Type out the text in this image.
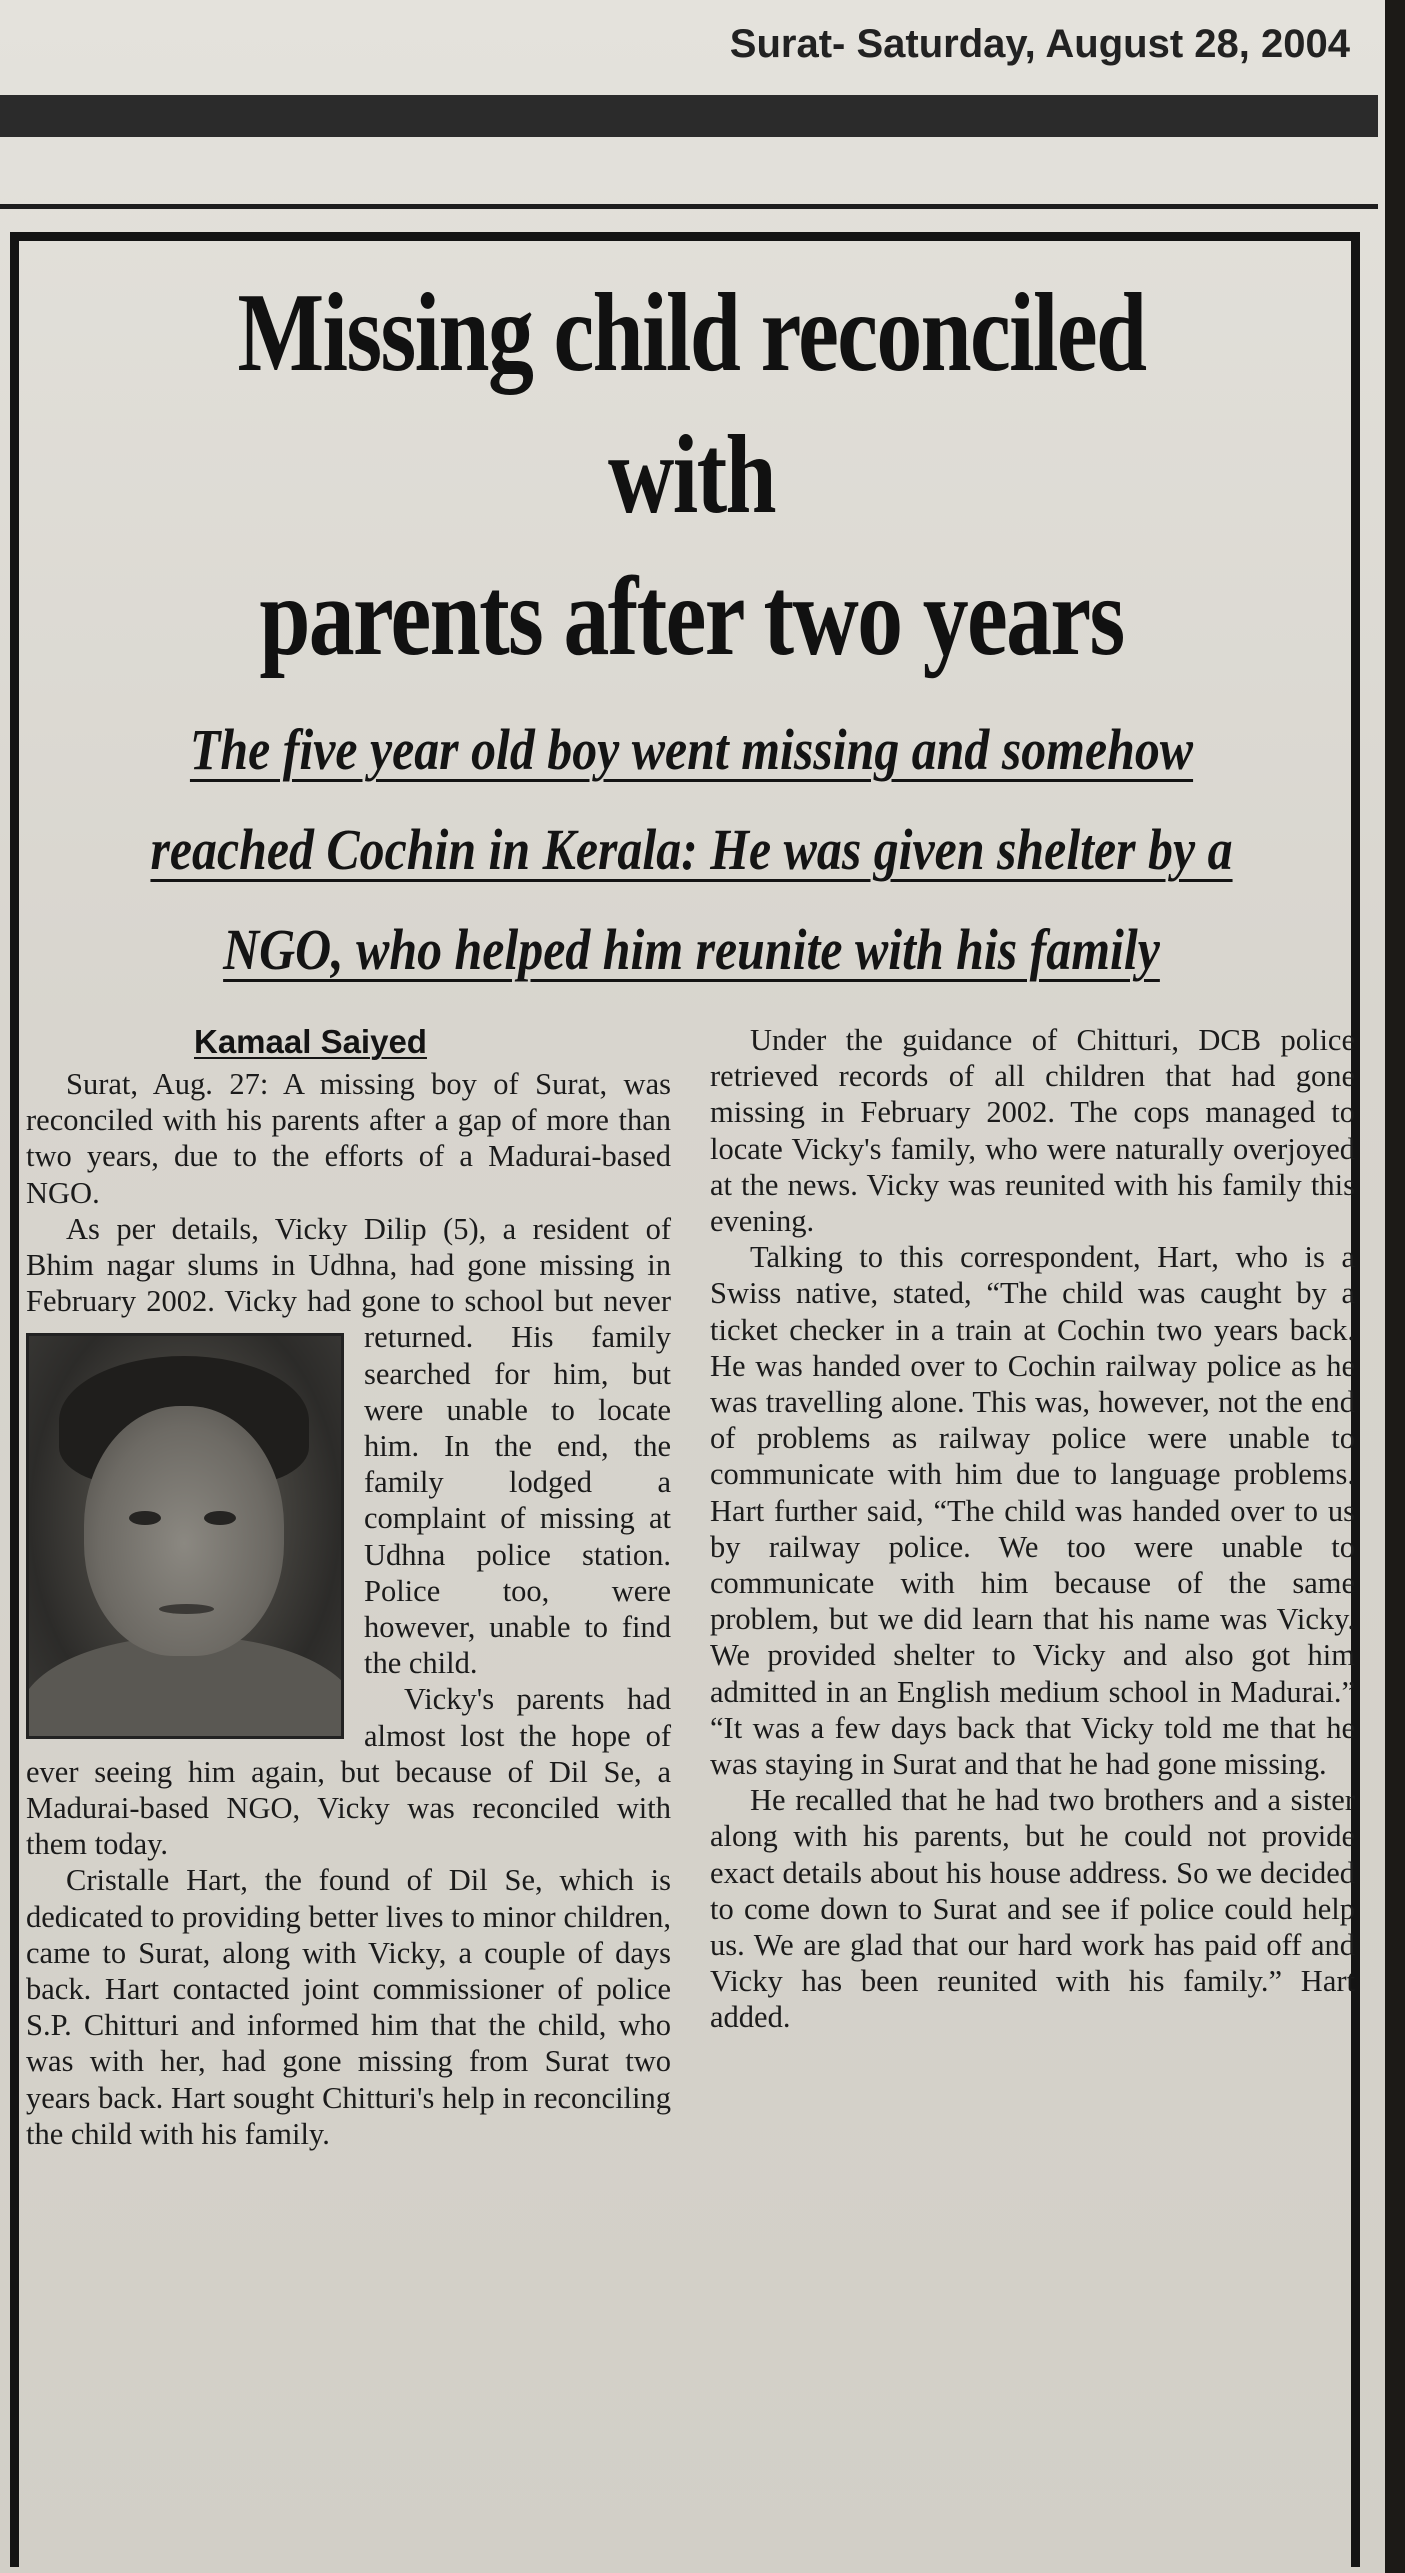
Surat- Saturday, August 28, 2004
Missing child reconciled with
parents after two years
The five year old boy went missing and somehow
reached Cochin in Kerala: He was given shelter by a
NGO, who helped him reunite with his family
Kamaal Saiyed

Surat, Aug. 27: A missing boy of Surat, was reconciled with his parents after a gap of more than two years, due to the efforts of a Madurai-based NGO.

As per details, Vicky Dilip (5), a resident of Bhim nagar slums in Udhna, had gone missing in February 2002. Vicky had
gone to school but never returned. His family searched for him, but were unable to locate him. In the end, the family lodged a complaint of missing at Udhna police station. Police too, were however, unable to find the child.

Vicky's parents had almost lost the hope of ever seeing him again, but because of Dil Se, a Madurai-based NGO, Vicky was reconciled with them today.

Cristalle Hart, the found of Dil Se, which is dedicated to providing better lives to minor children, came to Surat, along with Vicky, a couple of days back. Hart contacted joint commissioner of police S.P. Chitturi and informed him that the child, who was with her, had gone missing from Surat two years back. Hart sought Chitturi's help in reconciling the child with his family.

Under the guidance of Chitturi, DCB police retrieved records of all children that had gone missing in February 2002. The cops managed to locate Vicky's family, who were naturally overjoyed at the news. Vicky was reunited with his family this evening.

Talking to this correspondent, Hart, who is a Swiss native, stated, “The child was caught by a ticket checker in a train at Cochin two years back. He was handed over to Cochin railway police as he was travelling alone. This was, however, not the end of problems as railway police were unable to communicate with him due to language problems. Hart further said, “The child was handed over to us by railway police. We too were unable to communicate with him because of the same problem, but we did learn that his name was Vicky. We provided shelter to Vicky and also got him admitted in an English medium school in Madurai.” “It was a few days back that Vicky told me that he was staying in Surat and that he had gone missing.

He recalled that he had two brothers and a sister along with his parents, but he could not provide exact details about his house address. So we decided to come down to Surat and see if police could help us. We are glad that our hard work has paid off and Vicky has been reunited with his family.” Hart added.
